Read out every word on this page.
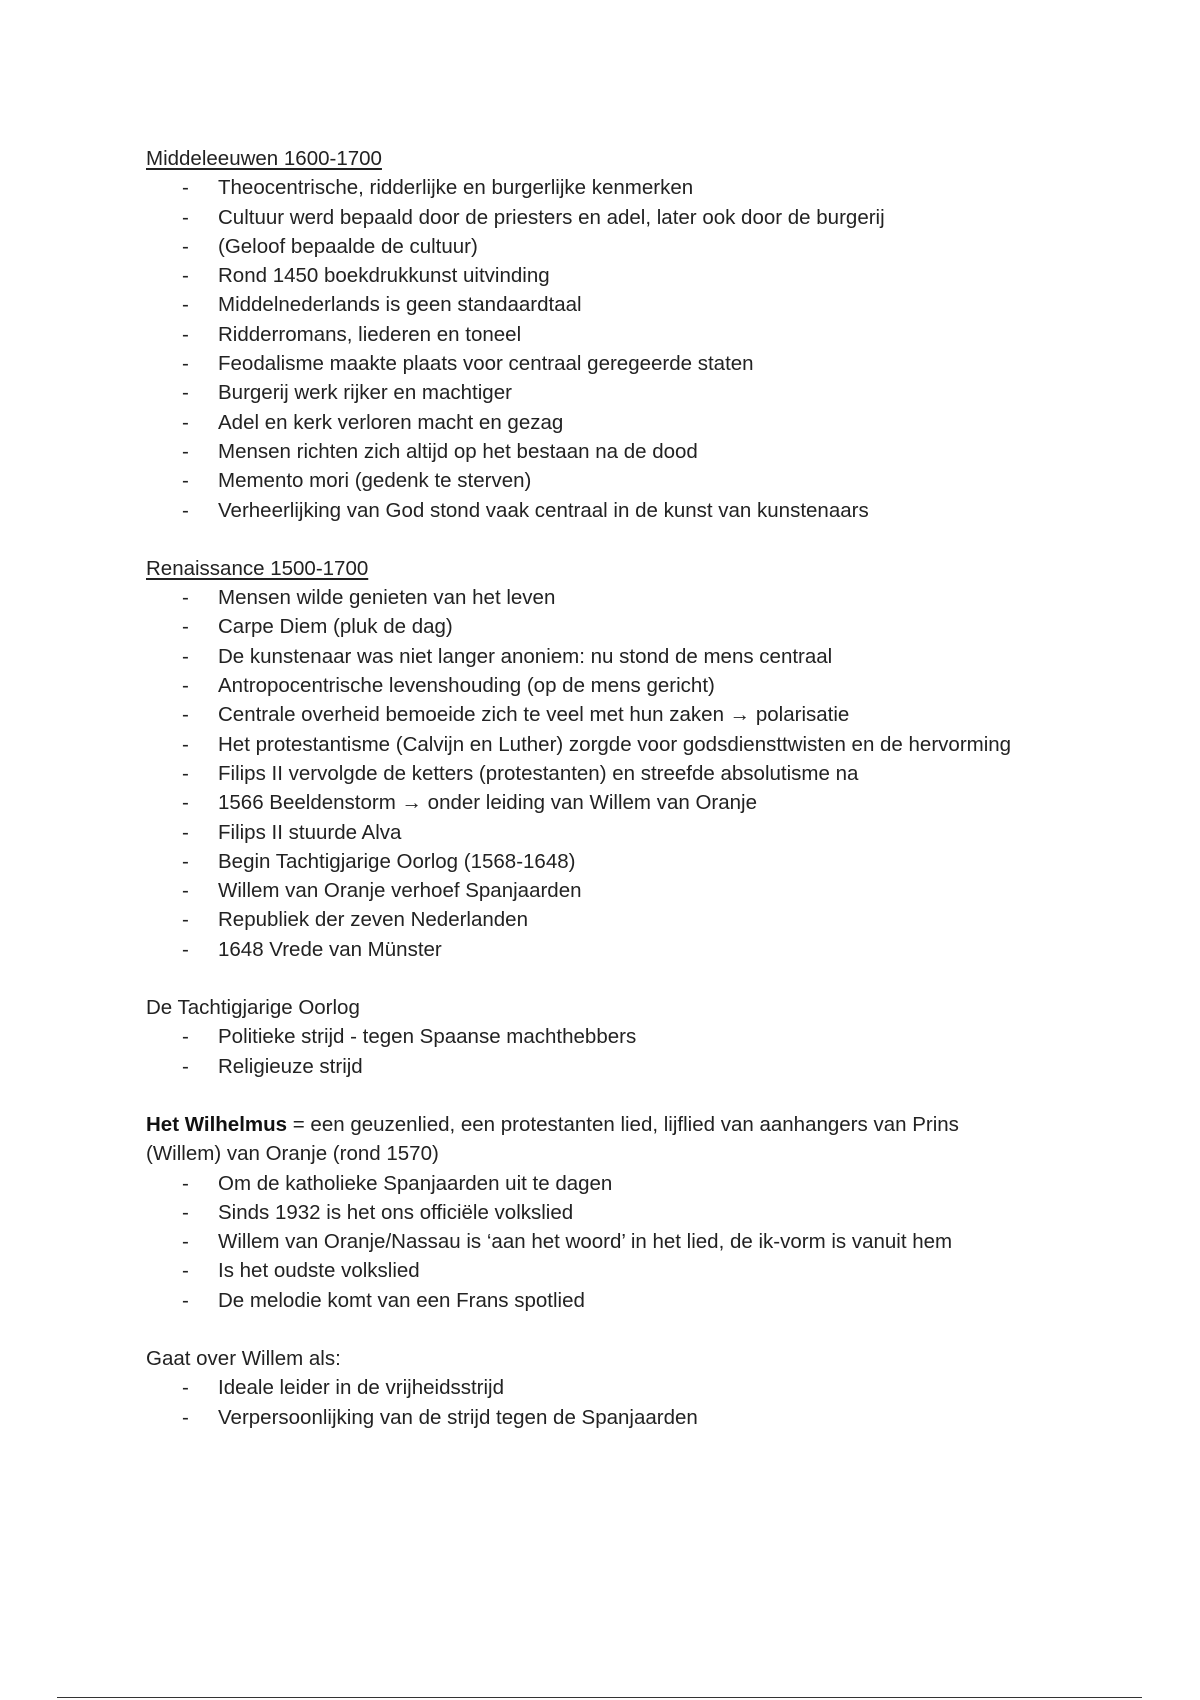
Middeleeuwen 1600-1700
- Theocentrische, ridderlijke en burgerlijke kenmerken
- Cultuur werd bepaald door de priesters en adel, later ook door de burgerij
- (Geloof bepaalde de cultuur)
- Rond 1450 boekdrukkunst uitvinding
- Middelnederlands is geen standaardtaal
- Ridderromans, liederen en toneel
- Feodalisme maakte plaats voor centraal geregeerde staten
- Burgerij werk rijker en machtiger
- Adel en kerk verloren macht en gezag
- Mensen richten zich altijd op het bestaan na de dood
- Memento mori (gedenk te sterven)
- Verheerlijking van God stond vaak centraal in de kunst van kunstenaars
Renaissance 1500-1700
- Mensen wilde genieten van het leven
- Carpe Diem (pluk de dag)
- De kunstenaar was niet langer anoniem: nu stond de mens centraal
- Antropocentrische levenshouding (op de mens gericht)
- Centrale overheid bemoeide zich te veel met hun zaken → polarisatie
- Het protestantisme (Calvijn en Luther) zorgde voor godsdiensttwisten en de hervorming
- Filips II vervolgde de ketters (protestanten) en streefde absolutisme na
- 1566 Beeldenstorm → onder leiding van Willem van Oranje
- Filips II stuurde Alva
- Begin Tachtigjarige Oorlog (1568-1648)
- Willem van Oranje verhoef Spanjaarden
- Republiek der zeven Nederlanden
- 1648 Vrede van Münster
De Tachtigjarige Oorlog
- Politieke strijd - tegen Spaanse machthebbers
- Religieuze strijd
Het Wilhelmus = een geuzenlied, een protestanten lied, lijflied van aanhangers van Prins
(Willem) van Oranje (rond 1570)
- Om de katholieke Spanjaarden uit te dagen
- Sinds 1932 is het ons officiële volkslied
- Willem van Oranje/Nassau is ‘aan het woord’ in het lied, de ik-vorm is vanuit hem
- Is het oudste volkslied
- De melodie komt van een Frans spotlied
Gaat over Willem als:
- Ideale leider in de vrijheidsstrijd
- Verpersoonlijking van de strijd tegen de Spanjaarden
